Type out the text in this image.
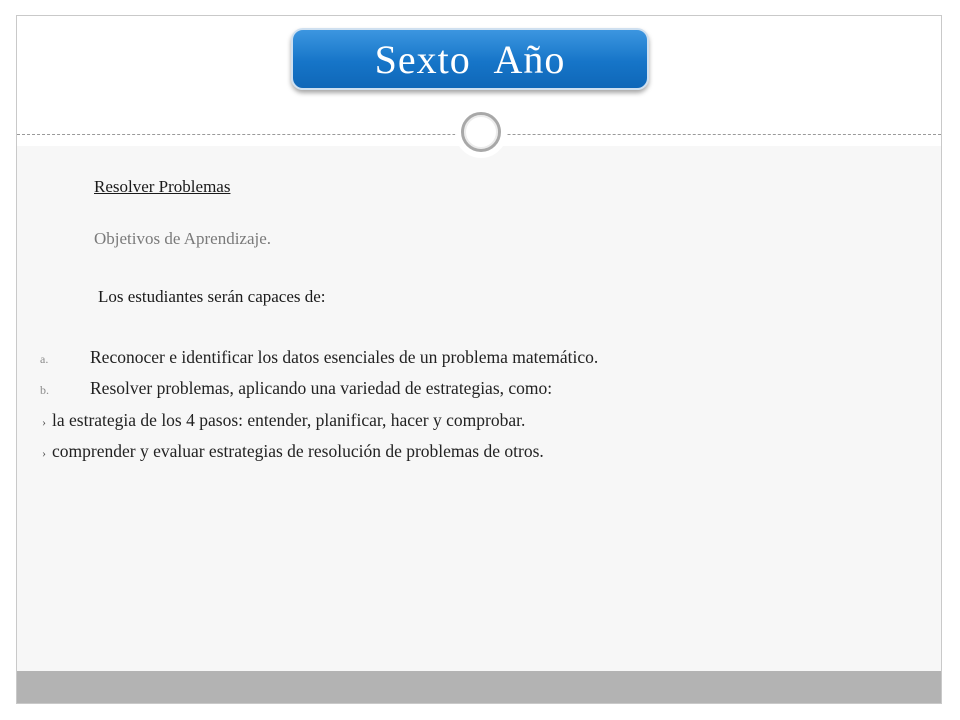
Sexto Año
Resolver Problemas
Objetivos de Aprendizaje.
Los estudiantes serán capaces de:
a. Reconocer e identificar los datos esenciales de un problema matemático.
b. Resolver problemas, aplicando una variedad de estrategias, como:
› la estrategia de los 4 pasos: entender, planificar, hacer y comprobar.
› comprender y evaluar estrategias de resolución de problemas de otros.
